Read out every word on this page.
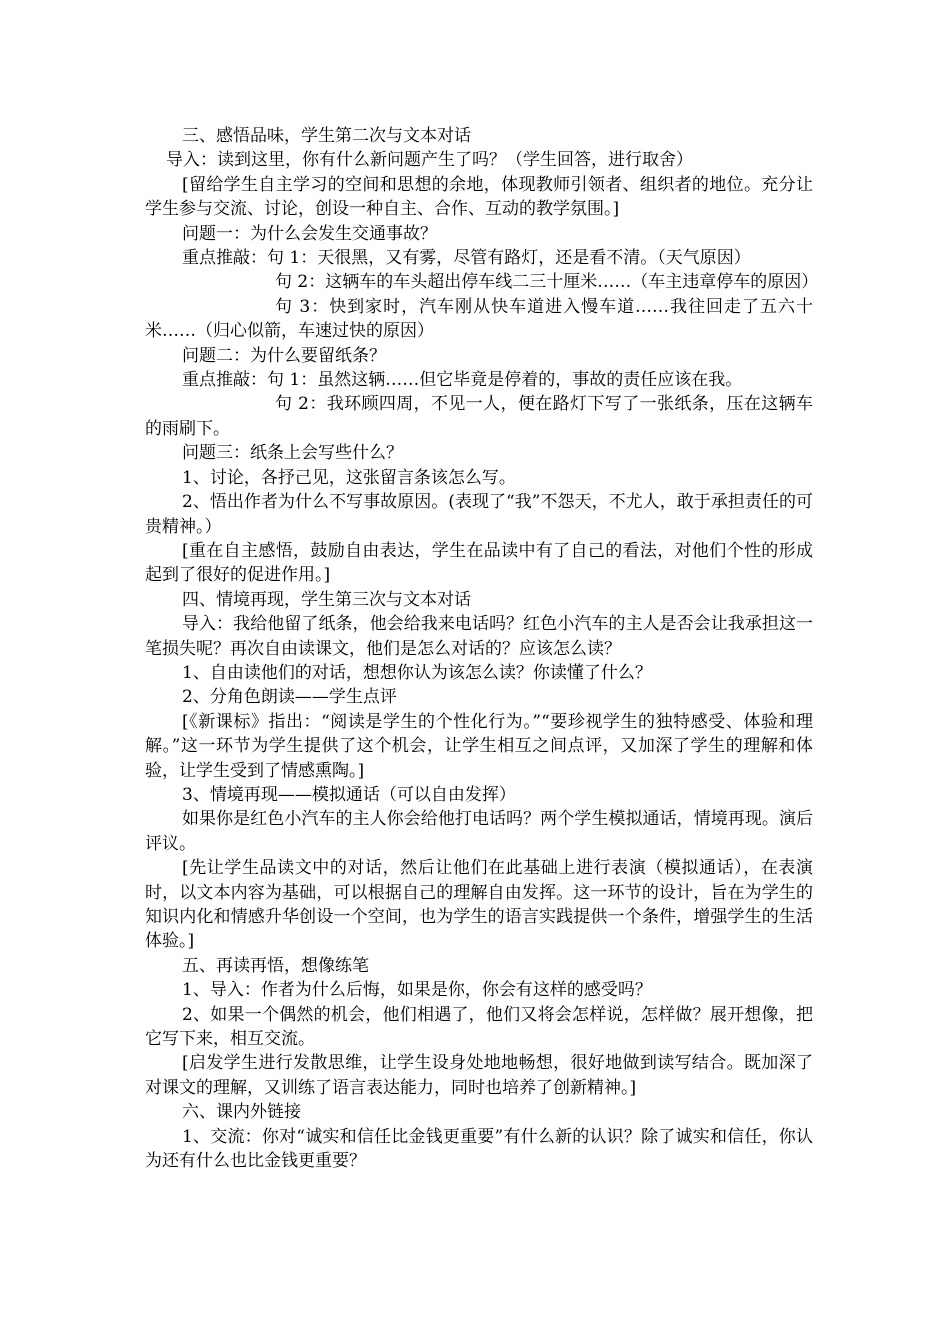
三、感悟品味，学生第二次与文本对话

导入：读到这里，你有什么新问题产生了吗？（学生回答，进行取舍）

[留给学生自主学习的空间和思想的余地，体现教师引领者、组织者的地位。充分让学生参与交流、讨论，创设一种自主、合作、互动的教学氛围。]

问题一：为什么会发生交通事故？

重点推敲：句 1：天很黑，又有雾，尽管有路灯，还是看不清。（天气原因）

句 2：这辆车的车头超出停车线二三十厘米……（车主违章停车的原因）

句 3：快到家时，汽车刚从快车道进入慢车道……我往回走了五六十米……（归心似箭，车速过快的原因）

问题二：为什么要留纸条？

重点推敲：句 1：虽然这辆……但它毕竟是停着的，事故的责任应该在我。

句 2：我环顾四周，不见一人，便在路灯下写了一张纸条，压在这辆车的雨刷下。

问题三：纸条上会写些什么？

1、讨论，各抒己见，这张留言条该怎么写。

2、悟出作者为什么不写事故原因。(表现了“我”不怨天，不尤人，敢于承担责任的可贵精神。）

[重在自主感悟，鼓励自由表达，学生在品读中有了自己的看法，对他们个性的形成起到了很好的促进作用。]

四、情境再现，学生第三次与文本对话

导入：我给他留了纸条，他会给我来电话吗？红色小汽车的主人是否会让我承担这一笔损失呢？再次自由读课文，他们是怎么对话的？应该怎么读？

1、自由读他们的对话，想想你认为该怎么读？你读懂了什么？

2、分角色朗读——学生点评

[《新课标》指出：“阅读是学生的个性化行为。”“要珍视学生的独特感受、体验和理解。”这一环节为学生提供了这个机会，让学生相互之间点评，又加深了学生的理解和体验，让学生受到了情感熏陶。]

3、情境再现——模拟通话（可以自由发挥）

如果你是红色小汽车的主人你会给他打电话吗？两个学生模拟通话，情境再现。演后评议。

[先让学生品读文中的对话，然后让他们在此基础上进行表演（模拟通话），在表演时，以文本内容为基础，可以根据自己的理解自由发挥。这一环节的设计，旨在为学生的知识内化和情感升华创设一个空间，也为学生的语言实践提供一个条件，增强学生的生活体验。]

五、再读再悟，想像练笔

1、导入：作者为什么后悔，如果是你，你会有这样的感受吗？

2、如果一个偶然的机会，他们相遇了，他们又将会怎样说，怎样做？展开想像，把它写下来，相互交流。

[启发学生进行发散思维，让学生设身处地地畅想，很好地做到读写结合。既加深了对课文的理解，又训练了语言表达能力，同时也培养了创新精神。]

六、课内外链接

1、交流：你对“诚实和信任比金钱更重要”有什么新的认识？除了诚实和信任，你认为还有什么也比金钱更重要？
